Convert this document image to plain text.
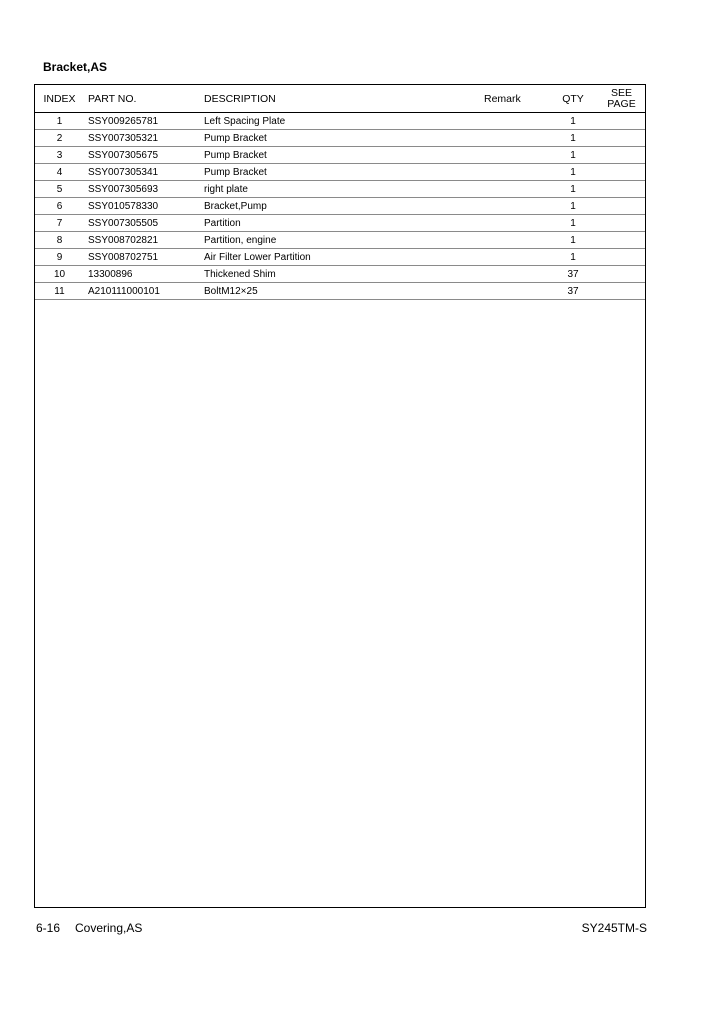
Bracket,AS
INDEX	PART NO.	DESCRIPTION	Remark	QTY	SEE
PAGE
1	SSY009265781	Left Spacing Plate		1	
2	SSY007305321	Pump Bracket		1	
3	SSY007305675	Pump Bracket		1	
4	SSY007305341	Pump Bracket		1	
5	SSY007305693	right plate		1	
6	SSY010578330	Bracket,Pump		1	
7	SSY007305505	Partition		1	
8	SSY008702821	Partition, engine		1	
9	SSY008702751	Air Filter Lower Partition		1	
10	13300896	Thickened Shim		37	
11	A210111000101	BoltM12×25		37	
6-16 Covering,AS	SY245TM-S
